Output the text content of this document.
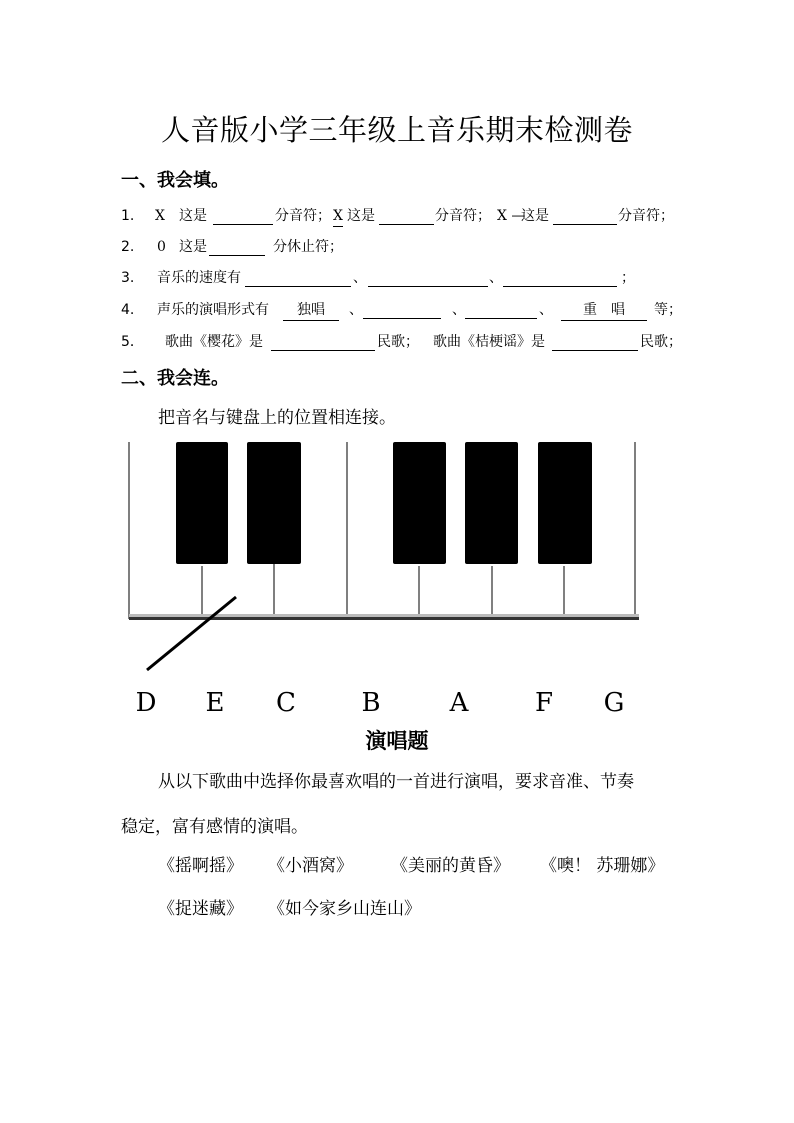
人音版小学三年级上音乐期末检测卷
一、我会填。
1. X 这是	分音符； X 这是	分音符； X —
这是	分音符；
2. 0 这是	分休止符；
3. 音乐的速度有	、	、	；
4. 声乐的演唱形式有	独唱	、	、	、	重　唱	等；
5． 歌曲《樱花》是	民歌； 歌曲《桔梗谣》是	民歌；
二、我会连。
把音名与键盘上的位置相连接。
D E C	B	A	F G
演唱题
从以下歌曲中选择你最喜欢唱的一首进行演唱，要求音准、节奏
稳定，富有感情的演唱。
《摇啊摇》 《小酒窝》 《美丽的黄昏》 《噢！ 苏珊娜》
《捉迷藏》 《如今家乡山连山》
